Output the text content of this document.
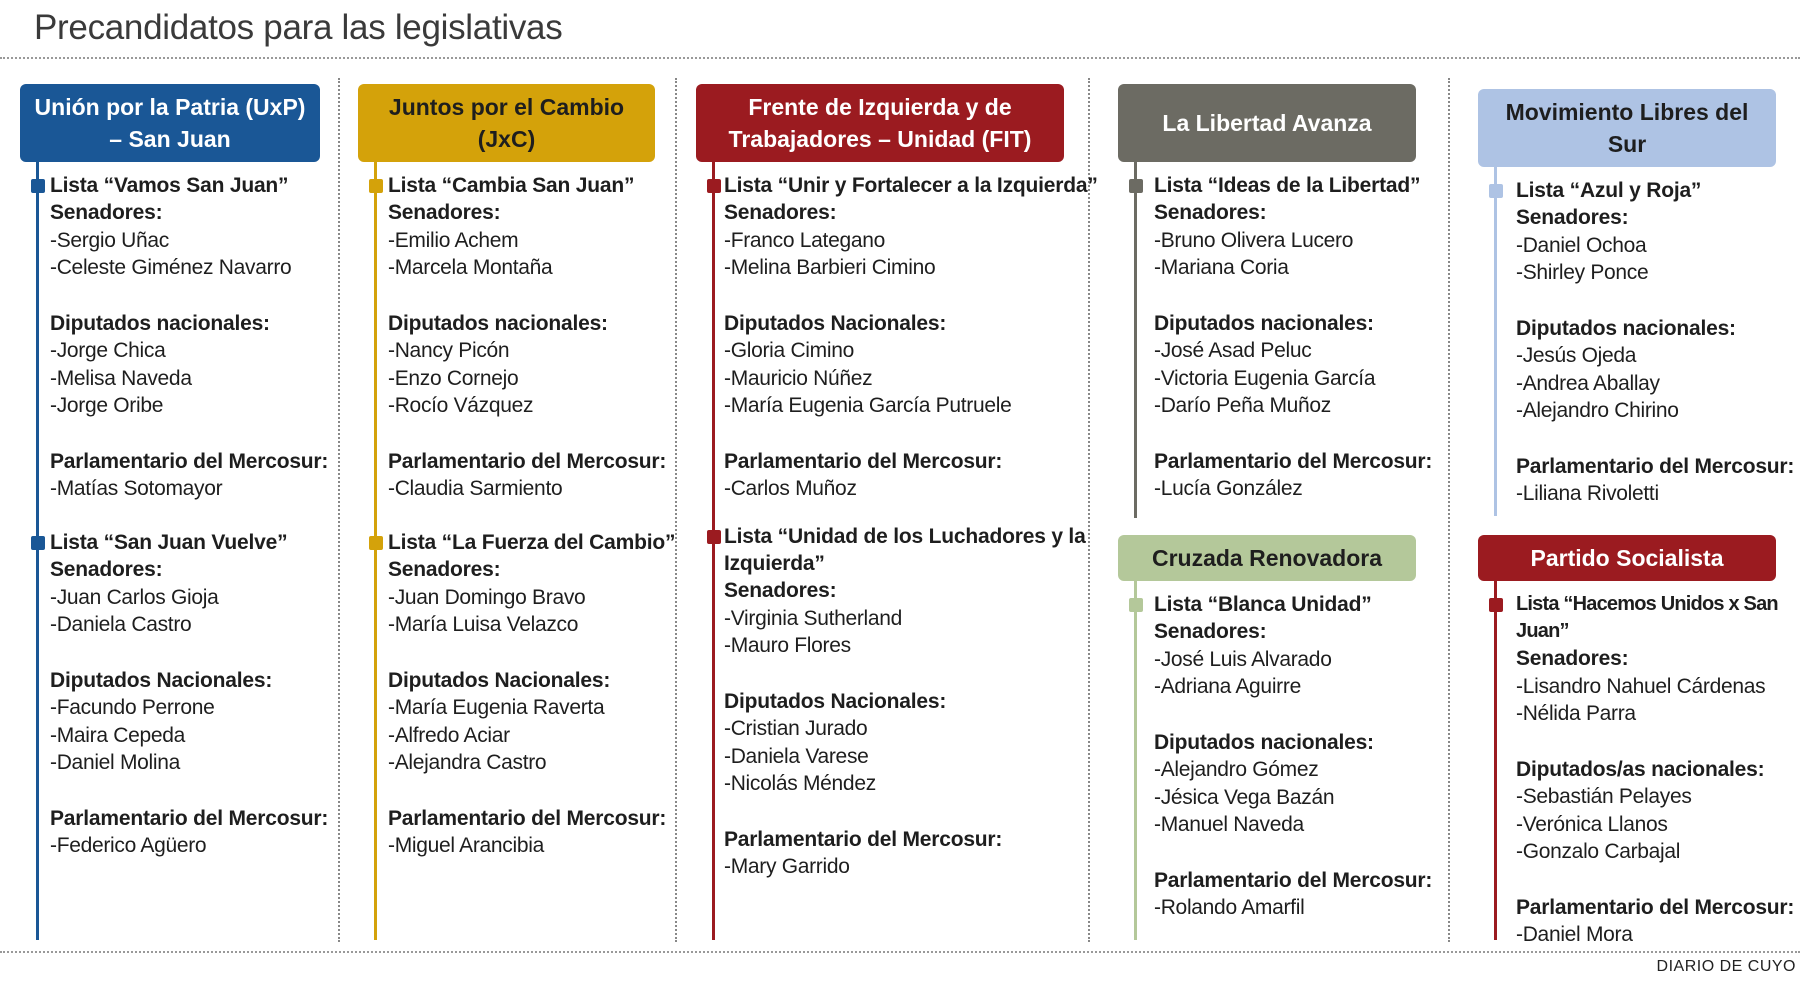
Precandidatos para las legislativas
Unión por la Patria (UxP) – San Juan
Lista “Vamos San Juan”
Senadores:
-Sergio Uñac
-Celeste Giménez Navarro
Diputados nacionales:
-Jorge Chica
-Melisa Naveda
-Jorge Oribe
Parlamentario del Mercosur:
-Matías Sotomayor
Lista “San Juan Vuelve”
Senadores:
-Juan Carlos Gioja
-Daniela Castro
Diputados Nacionales:
-Facundo Perrone
-Maira Cepeda
-Daniel Molina
Parlamentario del Mercosur:
-Federico Agüero
Juntos por el Cambio (JxC)
Lista “Cambia San Juan”
Senadores:
-Emilio Achem
-Marcela Montaña
Diputados nacionales:
-Nancy Picón
-Enzo Cornejo
-Rocío Vázquez
Parlamentario del Mercosur:
-Claudia Sarmiento
Lista “La Fuerza del Cambio”
Senadores:
-Juan Domingo Bravo
-María Luisa Velazco
Diputados Nacionales:
-María Eugenia Raverta
-Alfredo Aciar
-Alejandra Castro
Parlamentario del Mercosur:
-Miguel Arancibia
Frente de Izquierda y de Trabajadores – Unidad (FIT)
Lista “Unir y Fortalecer a la Izquierda”
Senadores:
-Franco Lategano
-Melina Barbieri Cimino
Diputados Nacionales:
-Gloria Cimino
-Mauricio Núñez
-María Eugenia García Putruele
Parlamentario del Mercosur:
-Carlos Muñoz
Lista “Unidad de los Luchadores y la Izquierda”
Senadores:
-Virginia Sutherland
-Mauro Flores
Diputados Nacionales:
-Cristian Jurado
-Daniela Varese
-Nicolás Méndez
Parlamentario del Mercosur:
-Mary Garrido
La Libertad Avanza
Lista “Ideas de la Libertad”
Senadores:
-Bruno Olivera Lucero
-Mariana Coria
Diputados nacionales:
-José Asad Peluc
-Victoria Eugenia García
-Darío Peña Muñoz
Parlamentario del Mercosur:
-Lucía González
Cruzada Renovadora
Lista “Blanca Unidad”
Senadores:
-José Luis Alvarado
-Adriana Aguirre
Diputados nacionales:
-Alejandro Gómez
-Jésica Vega Bazán
-Manuel Naveda
Parlamentario del Mercosur:
-Rolando Amarfil
Movimiento Libres del Sur
Lista “Azul y Roja”
Senadores:
-Daniel Ochoa
-Shirley Ponce
Diputados nacionales:
-Jesús Ojeda
-Andrea Aballay
-Alejandro Chirino
Parlamentario del Mercosur:
-Liliana Rivoletti
Partido Socialista
Lista “Hacemos Unidos x San Juan”
Senadores:
-Lisandro Nahuel Cárdenas
-Nélida Parra
Diputados/as nacionales:
-Sebastián Pelayes
-Verónica Llanos
-Gonzalo Carbajal
Parlamentario del Mercosur:
-Daniel Mora
DIARIO DE CUYO
